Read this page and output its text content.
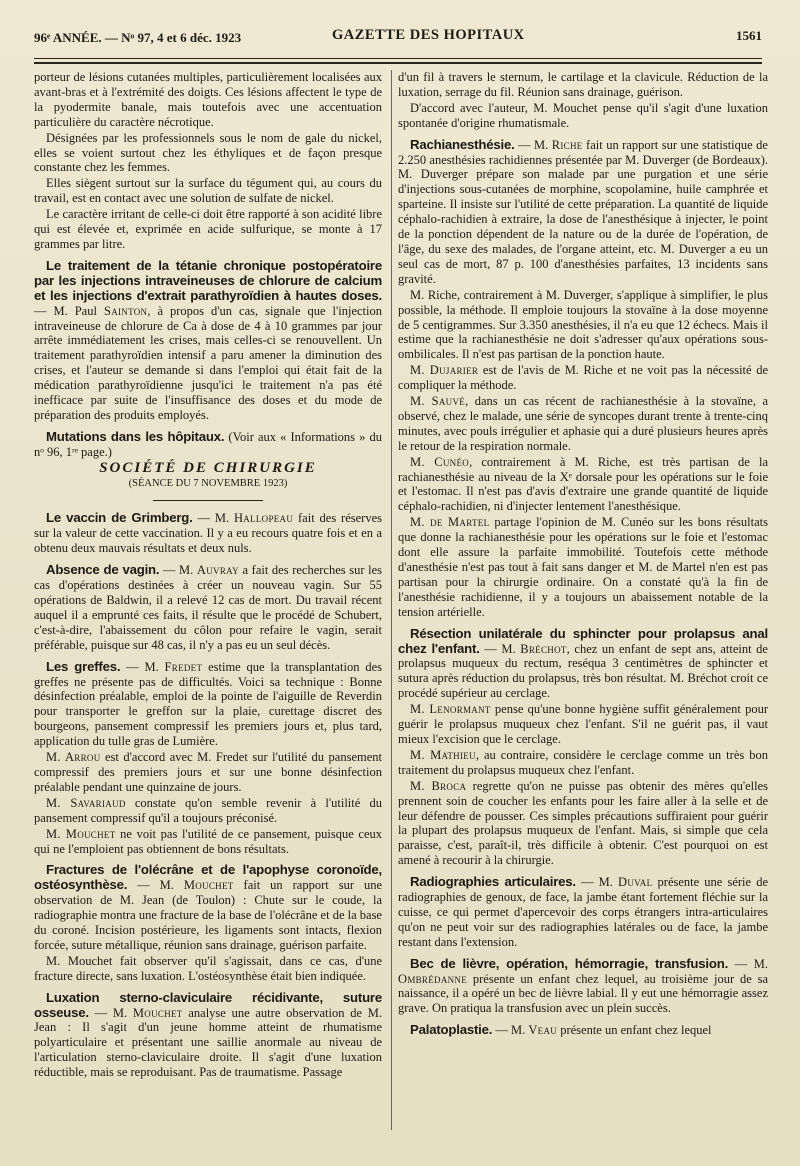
96ᵉ ANNÉE. — Nᵒ 97, 4 et 6 déc. 1923	GAZETTE DES HOPITAUX	1561

porteur de lésions cutanées multiples, particulièrement localisées aux avant-bras et à l'extrémité des doigts. Ces lésions affectent le type de la pyodermite banale, mais toutefois avec une accentuation particulière du caractère nécrotique.

Désignées par les professionnels sous le nom de gale du nickel, elles se voient surtout chez les éthyliques et de façon presque constante chez les femmes.

Elles siègent surtout sur la surface du tégument qui, au cours du travail, est en contact avec une solution de sulfate de nickel.

Le caractère irritant de celle-ci doit être rapporté à son acidité libre qui est élevée et, exprimée en acide sulfurique, se monte à 17 grammes par litre.

Le traitement de la tétanie chronique postopératoire par les injections intraveineuses de chlorure de calcium et les injections d'extrait parathyroïdien à hautes doses. — M. Paul Sainton, à propos d'un cas, signale que l'injection intraveineuse de chlorure de Ca à dose de 4 à 10 grammes par jour arrête immédiatement les crises, mais celles-ci se renouvellent. Un traitement parathyroïdien intensif a paru amener la diminution des crises, et l'auteur se demande si dans l'emploi qui était fait de la médication parathyroïdienne jusqu'ici le traitement n'a pas été inefficace par suite de l'insuffisance des doses et du mode de préparation des produits employés.

Mutations dans les hôpitaux. (Voir aux « Informations » du nᵒ 96, 1ʳᵉ page.)

SOCIÉTÉ DE CHIRURGIE

(SÉANCE DU 7 NOVEMBRE 1923)

Le vaccin de Grimberg. — M. Hallopeau fait des réserves sur la valeur de cette vaccination. Il y a eu recours quatre fois et en a obtenu deux mauvais résultats et deux nuls.

Absence de vagin. — M. Auvray a fait des recherches sur les cas d'opérations destinées à créer un nouveau vagin. Sur 55 opérations de Baldwin, il a relevé 12 cas de mort. Du travail récent auquel il a emprunté ces faits, il résulte que le procédé de Schubert, c'est-à-dire, l'abaissement du côlon pour refaire le vagin, serait préférable, puisque sur 48 cas, il n'y a pas eu un seul décès.

Les greffes. — M. Fredet estime que la transplantation des greffes ne présente pas de difficultés. Voici sa technique : Bonne désinfection préalable, emploi de la pointe de l'aiguille de Reverdin pour transporter le greffon sur la plaie, curettage discret des bourgeons, pansement compressif les premiers jours et, plus tard, application du tulle gras de Lumière.

M. Arrou est d'accord avec M. Fredet sur l'utilité du pansement compressif des premiers jours et sur une bonne désinfection préalable pendant une quinzaine de jours.

M. Savariaud constate qu'on semble revenir à l'utilité du pansement compressif qu'il a toujours préconisé.

M. Mouchet ne voit pas l'utilité de ce pansement, puisque ceux qui ne l'emploient pas obtiennent de bons résultats.

Fractures de l'olécrâne et de l'apophyse coronoïde, ostéosynthèse. — M. Mouchet fait un rapport sur une observation de M. Jean (de Toulon) : Chute sur le coude, la radiographie montra une fracture de la base de l'olécrâne et de la base du coroné. Incision postérieure, les ligaments sont intacts, flexion forcée, suture métallique, réunion sans drainage, guérison parfaite.

M. Mouchet fait observer qu'il s'agissait, dans ce cas, d'une fracture directe, sans luxation. L'ostéosynthèse était bien indiquée.

Luxation sterno-claviculaire récidivante, suture osseuse. — M. Mouchet analyse une autre observation de M. Jean : Il s'agit d'un jeune homme atteint de rhumatisme polyarticulaire et présentant une saillie anormale au niveau de l'articulation sterno-claviculaire droite. Il s'agit d'une luxation réductible, mais se reproduisant. Pas de traumatisme. Passage

d'un fil à travers le sternum, le cartilage et la clavicule. Réduction de la luxation, serrage du fil. Réunion sans drainage, guérison.

D'accord avec l'auteur, M. Mouchet pense qu'il s'agit d'une luxation spontanée d'origine rhumatismale.

Rachianesthésie. — M. Riche fait un rapport sur une statistique de 2.250 anesthésies rachidiennes présentée par M. Duverger (de Bordeaux). M. Duverger prépare son malade par une purgation et une série d'injections sous-cutanées de morphine, scopolamine, huile camphrée et sparteine. Il insiste sur l'utilité de cette préparation. La quantité de liquide céphalo-rachidien à extraire, la dose de l'anesthésique à injecter, le point de la ponction dépendent de la nature ou de la durée de l'opération, de l'âge, du sexe des malades, de l'organe atteint, etc. M. Duverger a eu un seul cas de mort, 87 p. 100 d'anesthésies parfaites, 13 incidents sans gravité.

M. Riche, contrairement à M. Duverger, s'applique à simplifier, le plus possible, la méthode. Il emploie toujours la stovaïne à la dose moyenne de 5 centigrammes. Sur 3.350 anesthésies, il n'a eu que 12 échecs. Mais il estime que la rachianesthésie ne doit s'adresser qu'aux opérations sous-ombilicales. Il n'est pas partisan de la ponction haute.

M. Dujarier est de l'avis de M. Riche et ne voit pas la nécessité de compliquer la méthode.

M. Sauvé, dans un cas récent de rachianesthésie à la stovaïne, a observé, chez le malade, une série de syncopes durant trente à trente-cinq minutes, avec pouls irrégulier et aphasie qui a duré plusieurs heures après le retour de la respiration normale.

M. Cunéo, contrairement à M. Riche, est très partisan de la rachianesthésie au niveau de la Xᵉ dorsale pour les opérations sur le foie et l'estomac. Il n'est pas d'avis d'extraire une grande quantité de liquide céphalo-rachidien, ni d'injecter lentement l'anesthésique.

M. de Martel partage l'opinion de M. Cunéo sur les bons résultats que donne la rachianesthésie pour les opérations sur le foie et l'estomac dont elle assure la parfaite immobilité. Toutefois cette méthode d'anesthésie n'est pas tout à fait sans danger et M. de Martel n'en est pas partisan pour la chirurgie ordinaire. On a constaté qu'à la fin de l'anesthésie rachidienne, il y a toujours un abaissement notable de la tension artérielle.

Résection unilatérale du sphincter pour prolapsus anal chez l'enfant. — M. Bréchot, chez un enfant de sept ans, atteint de prolapsus muqueux du rectum, reséqua 3 centimètres de sphincter et sutura après réduction du prolapsus, très bon résultat. M. Bréchot croit ce procédé supérieur au cerclage.

M. Lenormant pense qu'une bonne hygiène suffit généralement pour guérir le prolapsus muqueux chez l'enfant. S'il ne guérit pas, il vaut mieux l'excision que le cerclage.

M. Mathieu, au contraire, considère le cerclage comme un très bon traitement du prolapsus muqueux chez l'enfant.

M. Broca regrette qu'on ne puisse pas obtenir des mères qu'elles prennent soin de coucher les enfants pour les faire aller à la selle et de leur défendre de pousser. Ces simples précautions suffiraient pour guérir la plupart des prolapsus muqueux de l'enfant. Mais, si simple que cela paraisse, c'est, paraît-il, très difficile à obtenir. C'est pourquoi on est amené à recourir à la chirurgie.

Radiographies articulaires. — M. Duval présente une série de radiographies de genoux, de face, la jambe étant fortement fléchie sur la cuisse, ce qui permet d'apercevoir des corps étrangers intra-articulaires qu'on ne peut voir sur des radiographies latérales ou de face, la jambe restant dans l'extension.

Bec de lièvre, opération, hémorragie, transfusion. — M. Ombrédanne présente un enfant chez lequel, au troisième jour de sa naissance, il a opéré un bec de lièvre labial. Il y eut une hémorragie assez grave. On pratiqua la transfusion avec un plein succès.

Palatoplastie. — M. Veau présente un enfant chez lequel
